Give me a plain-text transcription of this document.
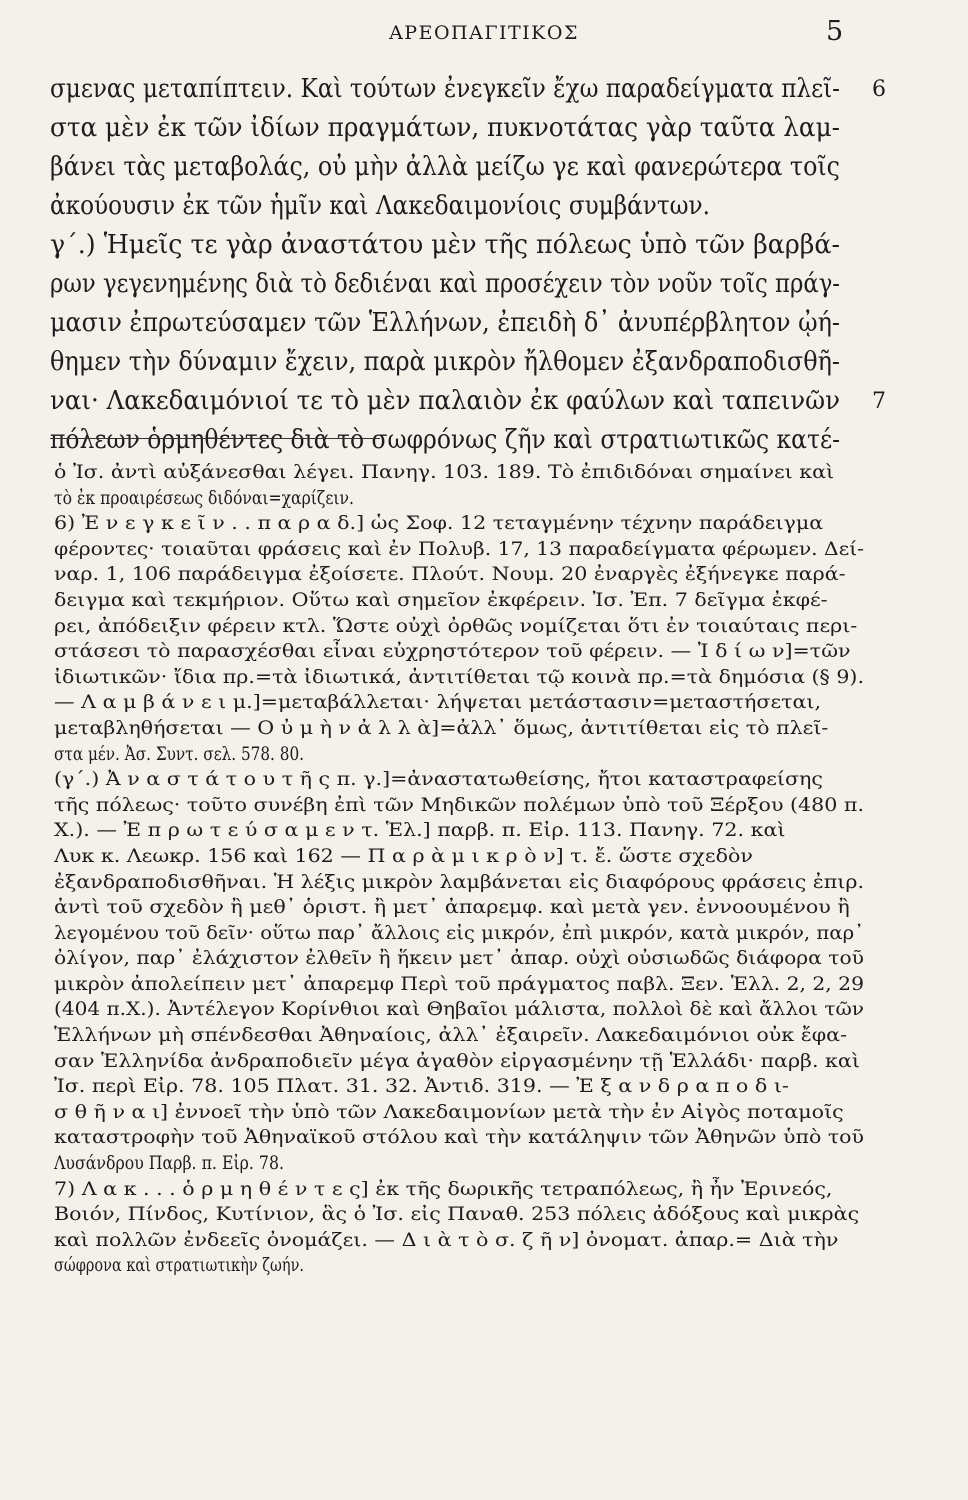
ΑΡΕΟΠΑΓΙΤΙΚΟΣ	5
σμενας μεταπίπτειν. Καὶ τούτων ἐνεγκεῖν ἔχω παραδείγματα πλεῖ- 6
στα μὲν ἐκ τῶν ἰδίων πραγμάτων, πυκνοτάτας γὰρ ταῦτα λαμ-
βάνει τὰς μεταβολάς, οὐ μὴν ἀλλὰ μείζω γε καὶ φανερώτερα τοῖς
ἀκούουσιν ἐκ τῶν ἡμῖν καὶ Λακεδαιμονίοις συμβάντων.
γ΄.) Ἡμεῖς τε γὰρ ἀναστάτου μὲν τῆς πόλεως ὑπὸ τῶν βαρβά-
ρων γεγενημένης διὰ τὸ δεδιέναι καὶ προσέχειν τὸν νοῦν τοῖς πράγ-
μασιν ἐπρωτεύσαμεν τῶν Ἑλλήνων, ἐπειδὴ δ᾽ ἀνυπέρβλητον ᾠή-
θημεν τὴν δύναμιν ἔχειν, παρὰ μικρὸν ἤλθομεν ἐξανδραποδισθῆ-
ναι· Λακεδαιμόνιοί τε τὸ μὲν παλαιὸν ἐκ φαύλων καὶ ταπεινῶν 7
πόλεων ὁρμηθέντες διὰ τὸ σωφρόνως ζῆν καὶ στρατιωτικῶς κατέ-
ὁ Ἰσ. ἀντὶ αὐξάνεσθαι λέγει. Πανηγ. 103. 189. Τὸ ἐπιδιδόναι σημαίνει καὶ
τὸ ἐκ προαιρέσεως διδόναι=χαρίζειν.
6) Ἐ ν ε γ κ ε ῖ ν . . π α ρ α δ.] ὡς Σοφ. 12 τεταγμένην τέχνην παράδειγμα
φέροντες· τοιαῦται φράσεις καὶ ἐν Πολυβ. 17, 13 παραδείγματα φέρωμεν. Δεί-
ναρ. 1, 106 παράδειγμα ἐξοίσετε. Πλούτ. Νουμ. 20 ἐναργὲς ἐξήνεγκε παρά-
δειγμα καὶ τεκμήριον. Οὕτω καὶ σημεῖον ἐκφέρειν. Ἰσ. Ἐπ. 7 δεῖγμα ἐκφέ-
ρει, ἀπόδειξιν φέρειν κτλ. Ὥστε οὐχὶ ὀρθῶς νομίζεται ὅτι ἐν τοιαύταις περι-
στάσεσι τὸ παρασχέσθαι εἶναι εὐχρηστότερον τοῦ φέρειν. — Ἰ δ ί ω ν]=τῶν
ἰδιωτικῶν· ἴδια πρ.=τὰ ἰδιωτικά, ἀντιτίθεται τῷ κοινὰ πρ.=τὰ δημόσια (§ 9).
— Λ α μ β ά ν ε ι μ.]=μεταβάλλεται· λήψεται μετάστασιν=μεταστήσεται,
μεταβληθήσεται — Ο ὐ μ ὴ ν ἀ λ λ ὰ]=ἀλλ᾽ ὅμως, ἀντιτίθεται εἰς τὸ πλεῖ-
στα μέν. Ἀσ. Συντ. σελ. 578. 80.
(γ΄.) Ἀ ν α σ τ ά τ ο υ τ ῆ ς π. γ.]=ἀναστατωθείσης, ἤτοι καταστραφείσης
τῆς πόλεως· τοῦτο συνέβη ἐπὶ τῶν Μηδικῶν πολέμων ὑπὸ τοῦ Ξέρξου (480 π.
Χ.). — Ἐ π ρ ω τ ε ύ σ α μ ε ν τ. Ἑλ.] παρβ. π. Εἰρ. 113. Πανηγ. 72. καὶ
Λυκ κ. Λεωκρ. 156 καὶ 162 — Π α ρ ὰ μ ι κ ρ ὸ ν] τ. ἔ. ὥστε σχεδὸν
ἐξανδραποδισθῆναι. Ἡ λέξις μικρὸν λαμβάνεται εἰς διαφόρους φράσεις ἐπιρ.
ἀντὶ τοῦ σχεδὸν ἢ μεθ᾽ ὁριστ. ἢ μετ᾽ ἀπαρεμφ. καὶ μετὰ γεν. ἐννοουμένου ἢ
λεγομένου τοῦ δεῖν· οὕτω παρ᾽ ἄλλοις εἰς μικρόν, ἐπὶ μικρόν, κατὰ μικρόν, παρ᾽
ὀλίγον, παρ᾽ ἐλάχιστον ἐλθεῖν ἢ ἥκειν μετ᾽ ἀπαρ. οὐχὶ οὐσιωδῶς διάφορα τοῦ
μικρὸν ἀπολείπειν μετ᾽ ἀπαρεμφ Περὶ τοῦ πράγματος παβλ. Ξεν. Ἑλλ. 2, 2, 29
(404 π.Χ.). Ἀντέλεγον Κορίνθιοι καὶ Θηβαῖοι μάλιστα, πολλοὶ δὲ καὶ ἄλλοι τῶν
Ἑλλήνων μὴ σπένδεσθαι Ἀθηναίοις, ἀλλ᾽ ἐξαιρεῖν. Λακεδαιμόνιοι οὐκ ἔφα-
σαν Ἑλληνίδα ἀνδραποδιεῖν μέγα ἀγαθὸν εἰργασμένην τῇ Ἑλλάδι· παρβ. καὶ
Ἰσ. περὶ Εἰρ. 78. 105 Πλατ. 31. 32. Ἀντιδ. 319. — Ἐ ξ α ν δ ρ α π ο δ ι-
σ θ ῆ ν α ι] ἐννοεῖ τὴν ὑπὸ τῶν Λακεδαιμονίων μετὰ τὴν ἐν Αἰγὸς ποταμοῖς
καταστροφὴν τοῦ Ἀθηναϊκοῦ στόλου καὶ τὴν κατάληψιν τῶν Ἀθηνῶν ὑπὸ τοῦ
Λυσάνδρου Παρβ. π. Εἰρ. 78.
7) Λ α κ . . . ὁ ρ μ η θ έ ν τ ε ς] ἐκ τῆς δωρικῆς τετραπόλεως, ἢ ἦν Ἐρινεός,
Βοιόν, Πίνδος, Κυτίνιον, ἃς ὁ Ἰσ. εἰς Παναθ. 253 πόλεις ἀδόξους καὶ μικρὰς
καὶ πολλῶν ἐνδεεῖς ὀνομάζει. — Δ ι ὰ τ ὸ σ. ζ ῆ ν] ὀνοματ. ἀπαρ.= Διὰ τὴν
σώφρονα καὶ στρατιωτικὴν ζωήν.
